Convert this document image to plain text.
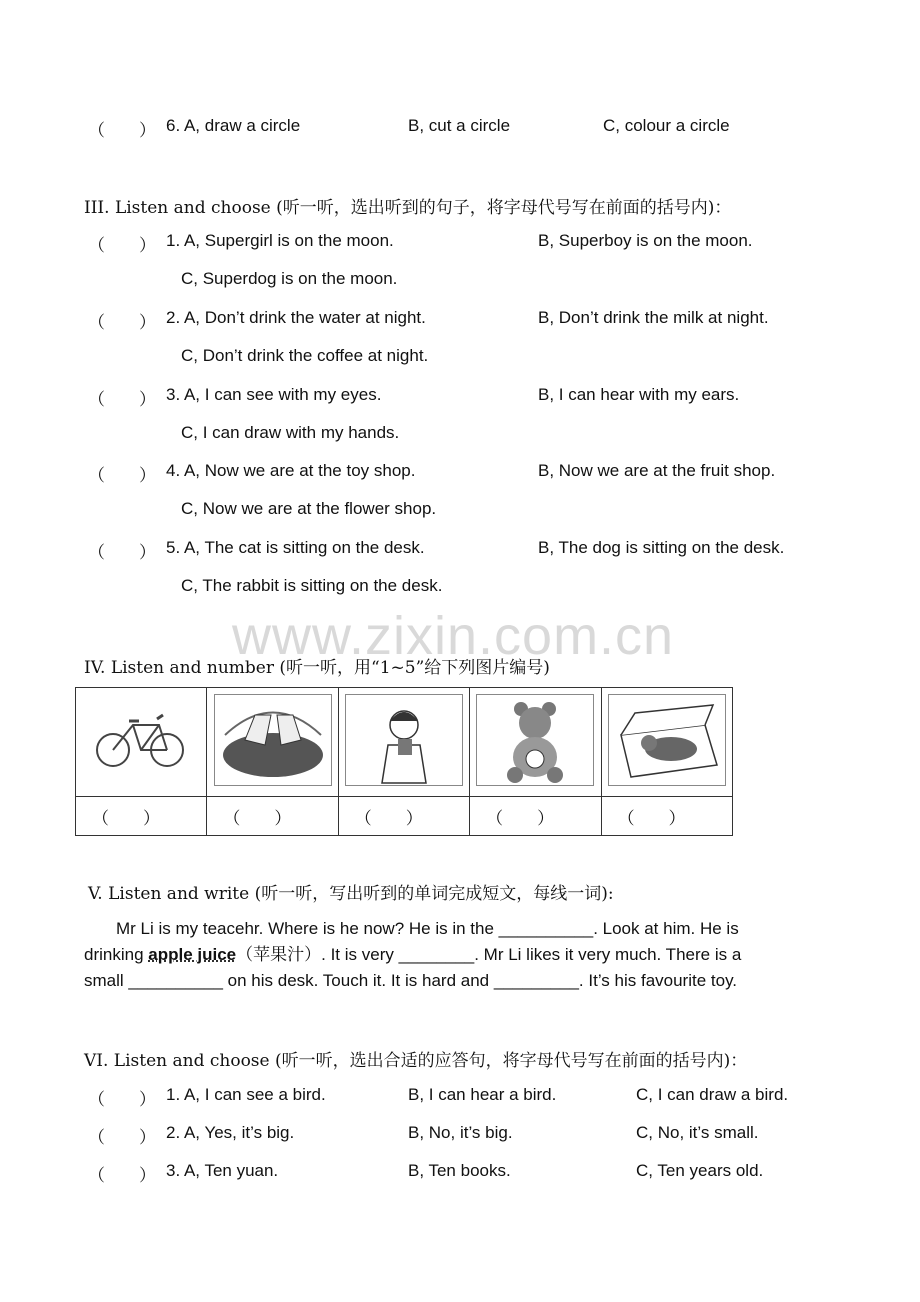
www.zixin.com.cn
（　　） 6. A, draw a circle	B, cut a circle	C, colour a circle
III. Listen and choose (听一听，选出听到的句子，将字母代号写在前面的括号内)：
（　　） 1. A, Supergirl is on the moon.	B, Superboy is on the moon.
C, Superdog is on the moon.
（　　） 2. A, Don’t drink the water at night.	B, Don’t drink the milk at night.
C, Don’t drink the coffee at night.
（　　） 3. A, I can see with my eyes.	B, I can hear with my ears.
C, I can draw with my hands.
（　　） 4. A, Now we are at the toy shop.	B, Now we are at the fruit shop.
C, Now we are at the flower shop.
（　　） 5. A, The cat is sitting on the desk.	B, The dog is sitting on the desk.
C, The rabbit is sitting on the desk.
IV. Listen and number (听一听，用“1~5”给下列图片编号)

（　　）	（　　）	（　　）	（　　）	（　　）
V. Listen and write (听一听，写出听到的单词完成短文，每线一词):

Mr Li is my teacehr. Where is he now? He is in the __________. Look at him. He is

drinking apple juice（苹果汁）. It is very ________. Mr Li likes it very much. There is a

small __________ on his desk. Touch it. It is hard and _________. It’s his favourite toy.

VI. Listen and choose (听一听，选出合适的应答句，将字母代号写在前面的括号内)：
（　　） 1. A, I can see a bird.	B, I can hear a bird.	C, I can draw a bird.
（　　） 2. A, Yes, it’s big.	B, No, it’s big.	C, No, it’s small.
（　　） 3. A, Ten yuan.	B, Ten books.	C, Ten years old.
